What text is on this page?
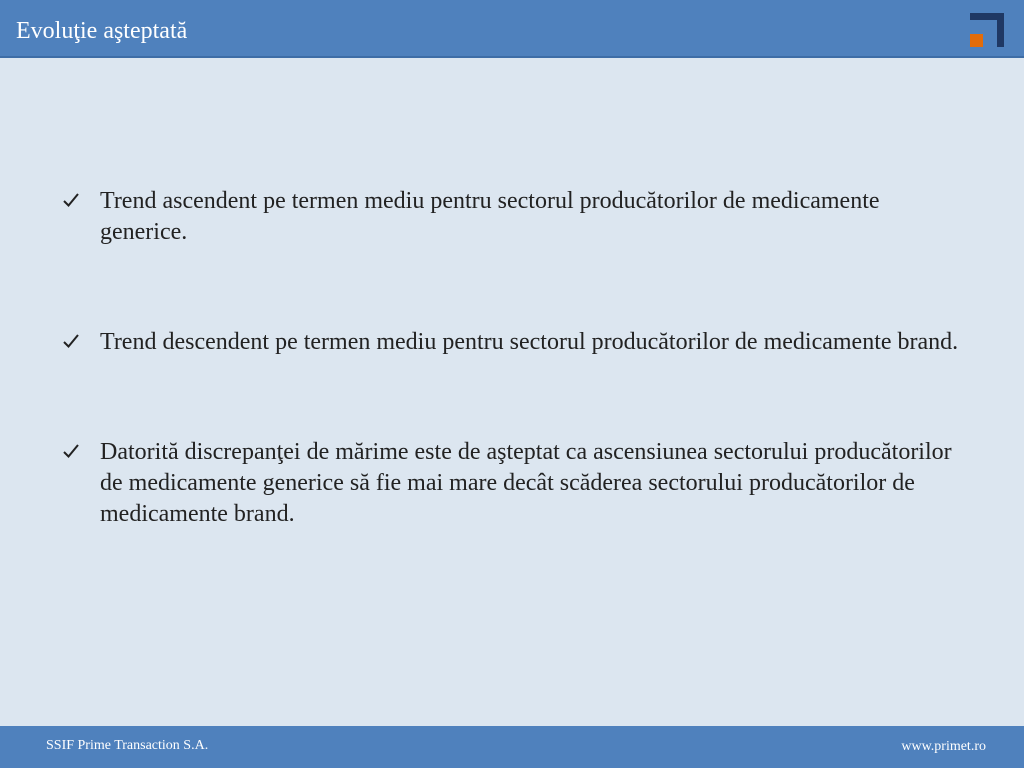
Evoluţie aşteptată
Trend ascendent pe termen mediu pentru sectorul producătorilor de medicamente generice.
Trend descendent pe termen mediu pentru sectorul producătorilor de medicamente brand.
Datorită discrepanţei de mărime este de aşteptat ca ascensiunea sectorului producătorilor de medicamente generice să fie mai mare decât scăderea sectorului producătorilor de medicamente brand.
SSIF Prime Transaction S.A.	www.primet.ro
